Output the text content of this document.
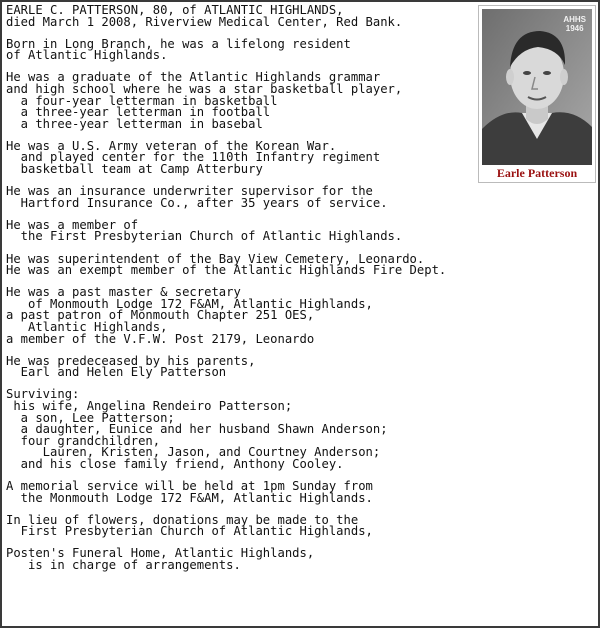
EARLE C. PATTERSON, 80, of ATLANTIC HIGHLANDS,
died March 1 2008, Riverview Medical Center, Red Bank.
Born in Long Branch, he was a lifelong resident
of Atlantic Highlands.
He was a graduate of the Atlantic Highlands grammar
and high school where he was a star basketball player,
a four-year letterman in basketball
a three-year letterman in football
a three-year letterman in basebal
He was a U.S. Army veteran of the Korean War.
and played center for the 110th Infantry regiment
basketball team at Camp Atterbury
He was an insurance underwriter supervisor for the
Hartford Insurance Co., after 35 years of service.
He was a member of
the First Presbyterian Church of Atlantic Highlands.
He was superintendent of the Bay View Cemetery, Leonardo.
He was an exempt member of the Atlantic Highlands Fire Dept.
He was a past master & secretary
of Monmouth Lodge 172 F&AM, Atlantic Highlands,
a past patron of Monmouth Chapter 251 OES,
Atlantic Highlands,
a member of the V.F.W. Post 2179, Leonardo
He was predeceased by his parents,
Earl and Helen Ely Patterson
Surviving:
his wife, Angelina Rendeiro Patterson;
a son, Lee Patterson;
a daughter, Eunice and her husband Shawn Anderson;
four grandchildren,
Lauren, Kristen, Jason, and Courtney Anderson;
and his close family friend, Anthony Cooley.
A memorial service will be held at 1pm Sunday from
the Monmouth Lodge 172 F&AM, Atlantic Highlands.
In lieu of flowers, donations may be made to the
First Presbyterian Church of Atlantic Highlands,
Posten's Funeral Home, Atlantic Highlands,
is in charge of arrangements.
AHHS
1946
Earle Patterson
